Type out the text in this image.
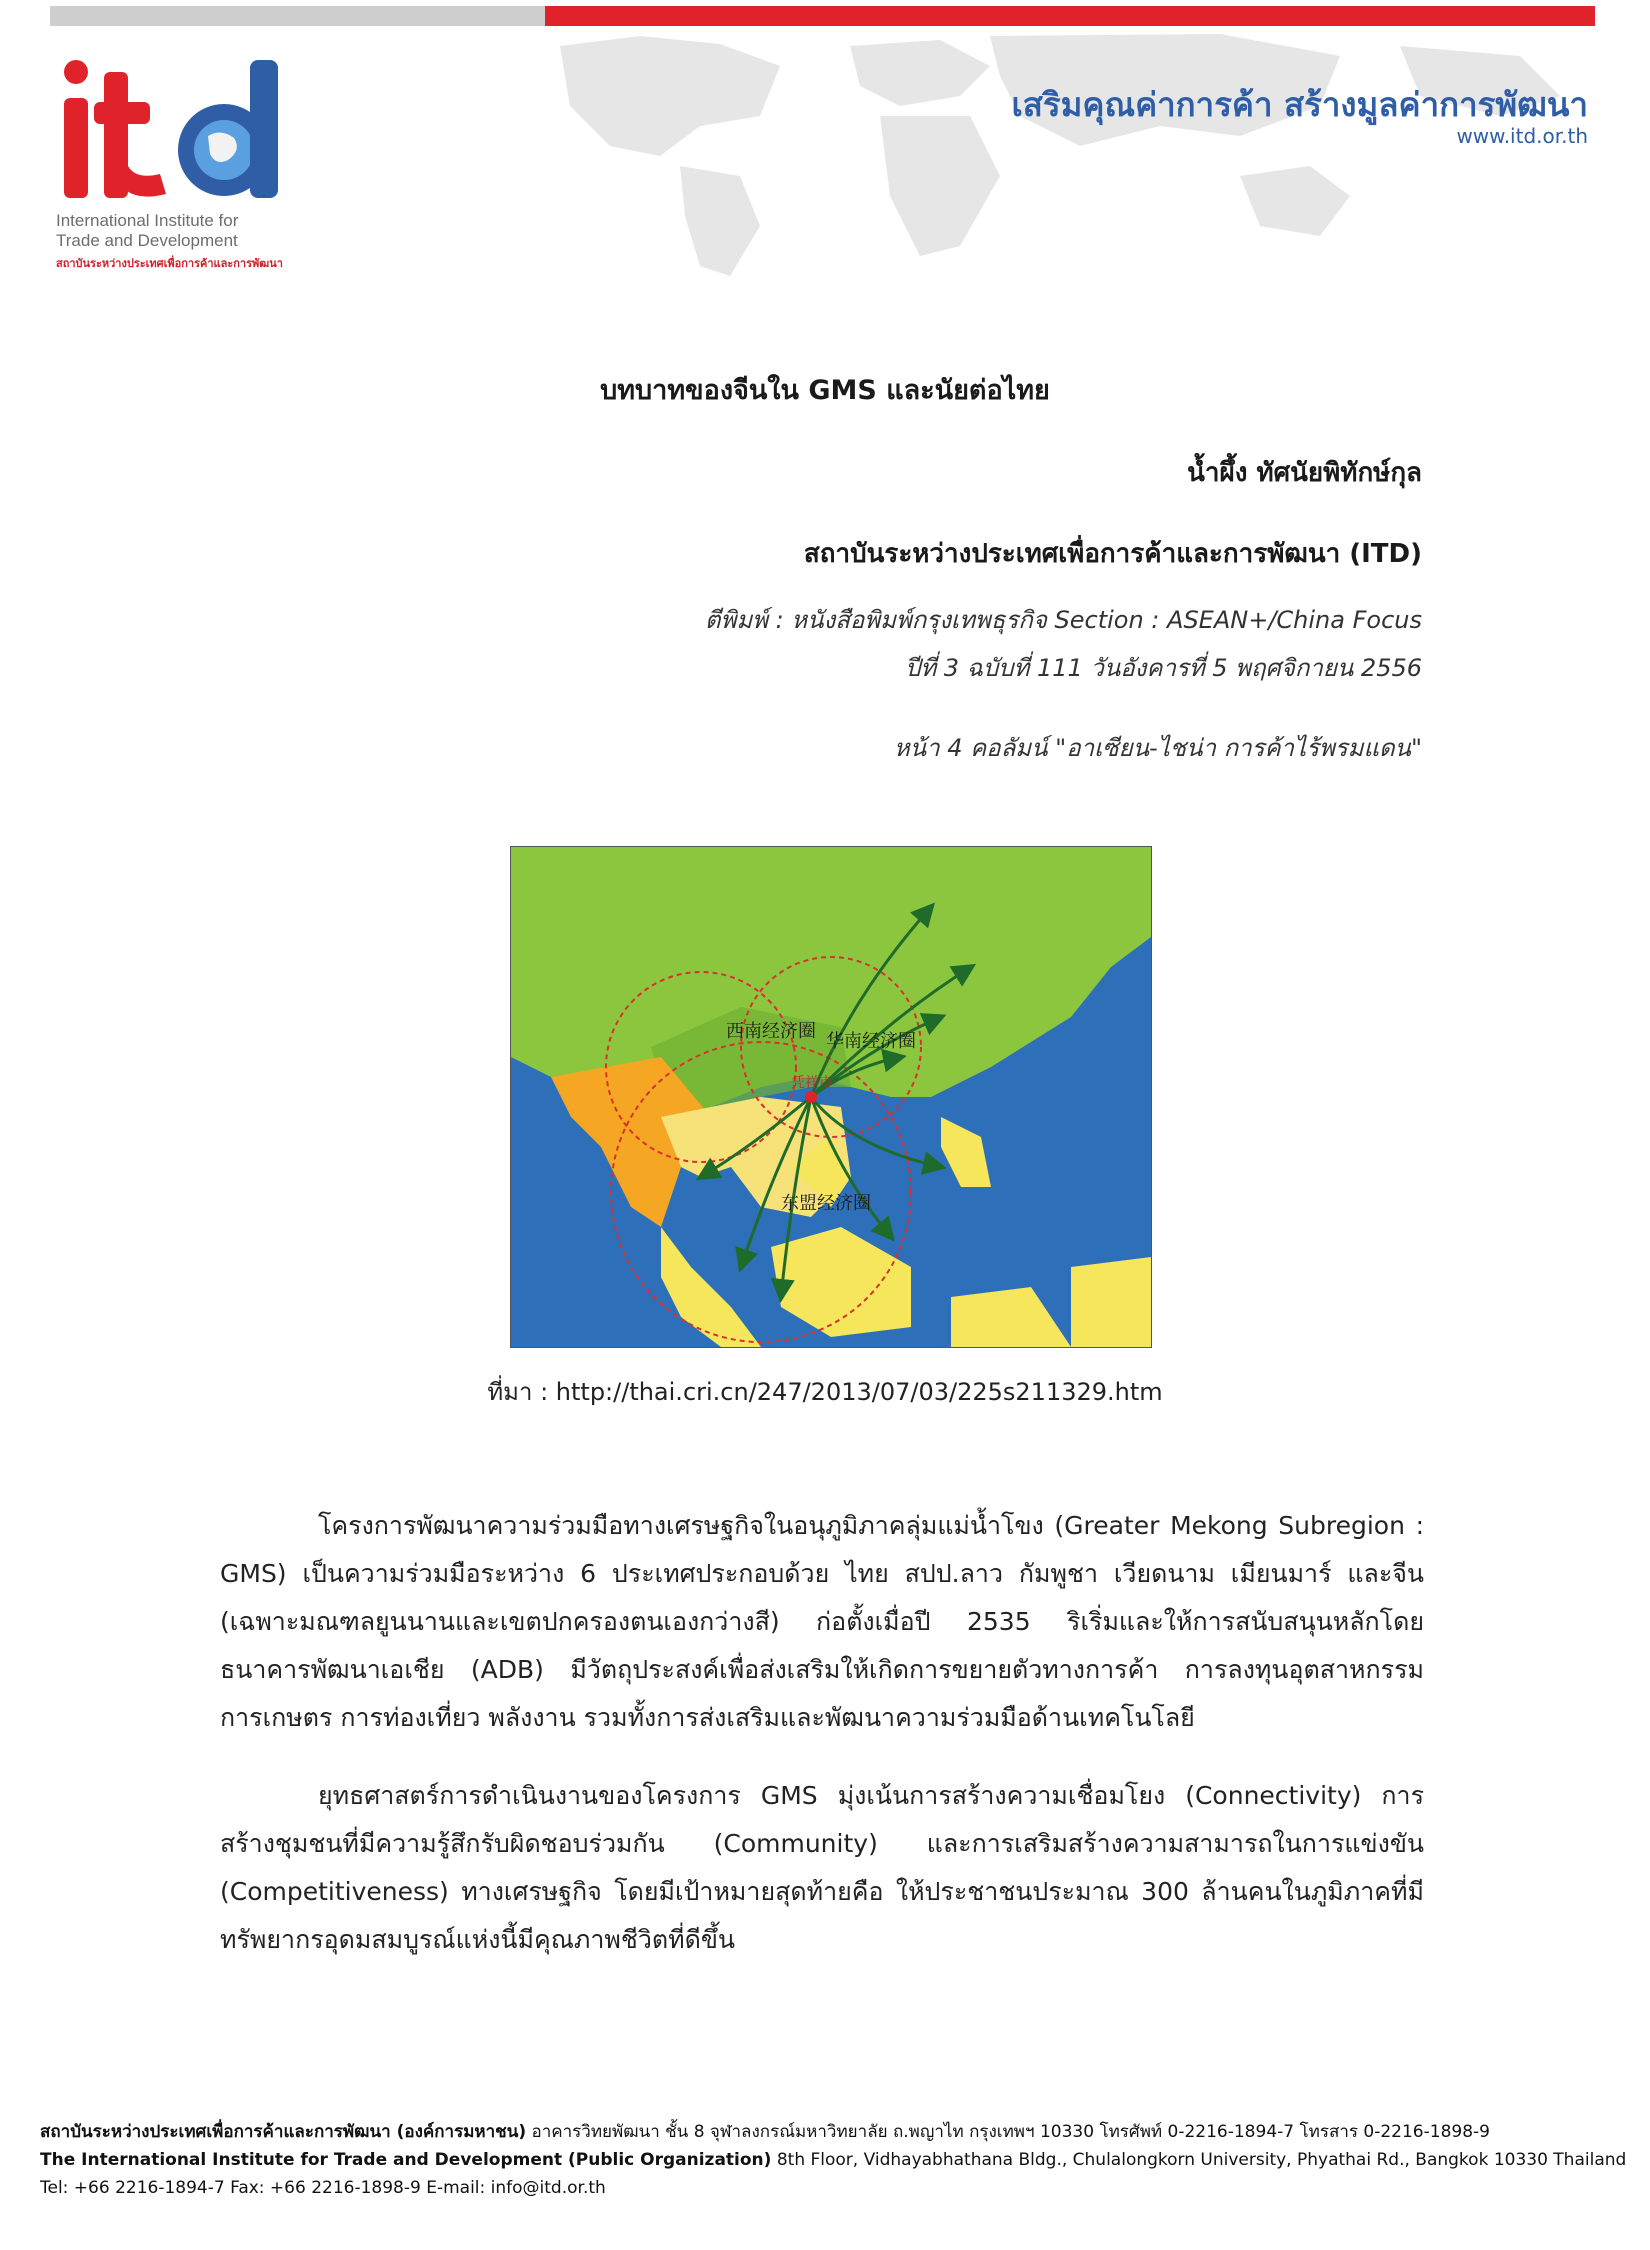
International Institute for
Trade and Development
สถาบันระหว่างประเทศเพื่อการค้าและการพัฒนา
เสริมคุณค่าการค้า สร้างมูลค่าการพัฒนา
www.itd.or.th
บทบาทของจีนใน GMS และนัยต่อไทย
น้ำผึ้ง ทัศนัยพิทักษ์กุล
สถาบันระหว่างประเทศเพื่อการค้าและการพัฒนา (ITD)
ตีพิมพ์ : หนังสือพิมพ์กรุงเทพธุรกิจ Section : ASEAN+/China Focus
ปีที่ 3 ฉบับที่ 111 วันอังคารที่ 5 พฤศจิกายน 2556
หน้า 4 คอลัมน์ "อาเซียน-ไชน่า การค้าไร้พรมแดน"
西南经济圈 华南经济圈
凭祥市
东盟经济圈
ที่มา : http://thai.cri.cn/247/2013/07/03/225s211329.htm

โครงการพัฒนาความร่วมมือทางเศรษฐกิจในอนุภูมิภาคลุ่มแม่น้ำโขง (Greater Mekong Subregion : GMS) เป็นความร่วมมือระหว่าง 6 ประเทศประกอบด้วย ไทย สปป.ลาว กัมพูชา เวียดนาม เมียนมาร์ และจีน (เฉพาะมณฑลยูนนานและเขตปกครองตนเองกว่างสี) ก่อตั้งเมื่อปี 2535 ริเริ่มและให้การสนับสนุนหลักโดยธนาคารพัฒนาเอเชีย (ADB) มีวัตถุประสงค์เพื่อส่งเสริมให้เกิดการขยายตัวทางการค้า การลงทุนอุตสาหกรรม การเกษตร การท่องเที่ยว พลังงาน รวมทั้งการส่งเสริมและพัฒนาความร่วมมือด้านเทคโนโลยี

ยุทธศาสตร์การดำเนินงานของโครงการ GMS มุ่งเน้นการสร้างความเชื่อมโยง (Connectivity) การสร้างชุมชนที่มีความรู้สึกรับผิดชอบร่วมกัน (Community) และการเสริมสร้างความสามารถในการแข่งขัน (Competitiveness) ทางเศรษฐกิจ โดยมีเป้าหมายสุดท้ายคือ ให้ประชาชนประมาณ 300 ล้านคนในภูมิภาคที่มีทรัพยากรอุดมสมบูรณ์แห่งนี้มีคุณภาพชีวิตที่ดีขึ้น

สถาบันระหว่างประเทศเพื่อการค้าและการพัฒนา (องค์การมหาชน) อาคารวิทยพัฒนา ชั้น 8 จุฬาลงกรณ์มหาวิทยาลัย ถ.พญาไท กรุงเทพฯ 10330 โทรศัพท์ 0-2216-1894-7 โทรสาร 0-2216-1898-9
The International Institute for Trade and Development (Public Organization) 8th Floor, Vidhayabhathana Bldg., Chulalongkorn University, Phyathai Rd., Bangkok 10330 Thailand
Tel: +66 2216-1894-7 Fax: +66 2216-1898-9 E-mail: info@itd.or.th
